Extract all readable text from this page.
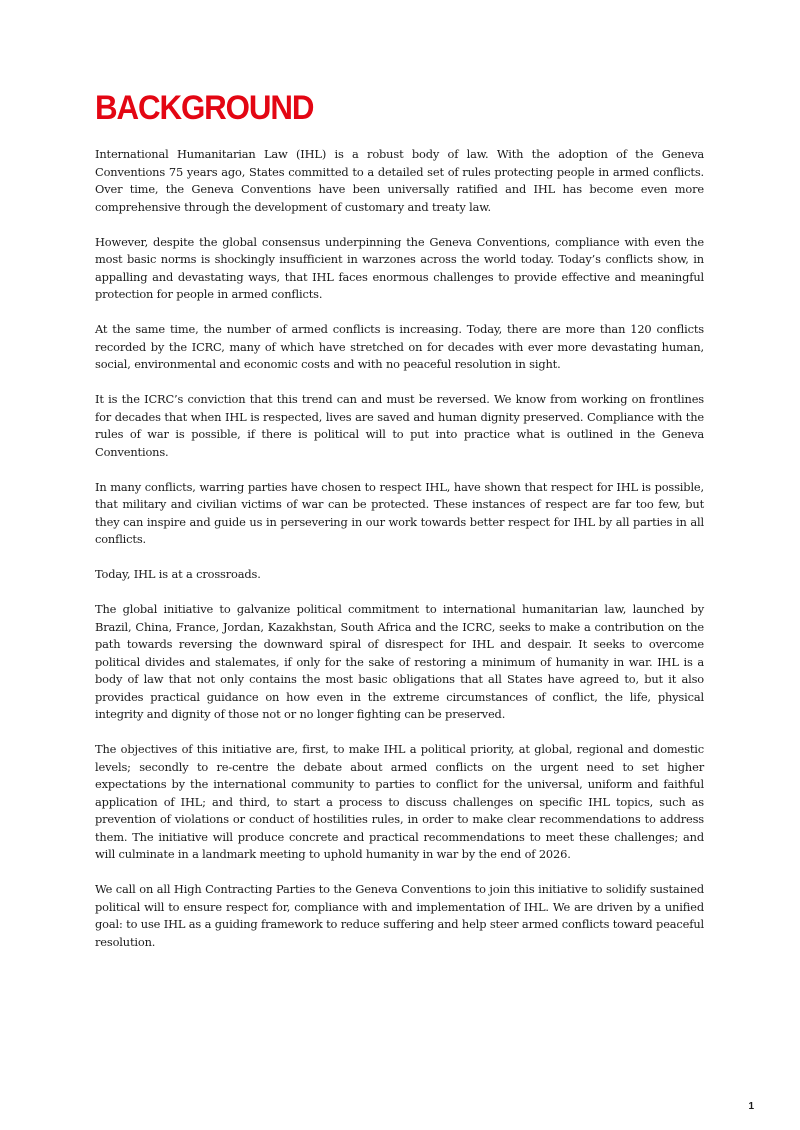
BACKGROUND

International Humanitarian Law (IHL) is a robust body of law. With the adoption of the Geneva Conventions 75 years ago, States committed to a detailed set of rules protecting people in armed conflicts. Over time, the Geneva Conventions have been universally ratified and IHL has become even more comprehensive through the development of customary and treaty law.

However, despite the global consensus underpinning the Geneva Conventions, compliance with even the most basic norms is shockingly insufficient in warzones across the world today. Today’s conflicts show, in appalling and devastating ways, that IHL faces enormous challenges to provide effective and meaningful protection for people in armed conflicts.

At the same time, the number of armed conflicts is increasing. Today, there are more than 120 conflicts recorded by the ICRC, many of which have stretched on for decades with ever more devastating human, social, environmental and economic costs and with no peaceful resolution in sight.

It is the ICRC’s conviction that this trend can and must be reversed. We know from working on frontlines for decades that when IHL is respected, lives are saved and human dignity preserved. Compliance with the rules of war is possible, if there is political will to put into practice what is outlined in the Geneva Conventions.

In many conflicts, warring parties have chosen to respect IHL, have shown that respect for IHL is possible, that military and civilian victims of war can be protected. These instances of respect are far too few, but they can inspire and guide us in persevering in our work towards better respect for IHL by all parties in all conflicts.

Today, IHL is at a crossroads.

The global initiative to galvanize political commitment to international humanitarian law, launched by Brazil, China, France, Jordan, Kazakhstan, South Africa and the ICRC, seeks to make a contribution on the path towards reversing the downward spiral of disrespect for IHL and despair. It seeks to overcome political divides and stalemates, if only for the sake of restoring a minimum of humanity in war. IHL is a body of law that not only contains the most basic obligations that all States have agreed to, but it also provides practical guidance on how even in the extreme circumstances of conflict, the life, physical integrity and dignity of those not or no longer fighting can be preserved.

The objectives of this initiative are, first, to make IHL a political priority, at global, regional and domestic levels; secondly to re-centre the debate about armed conflicts on the urgent need to set higher expectations by the international community to parties to conflict for the universal, uniform and faithful application of IHL; and third, to start a process to discuss challenges on specific IHL topics, such as prevention of violations or conduct of hostilities rules, in order to make clear recommendations to address them. The initiative will produce concrete and practical recommendations to meet these challenges; and will culminate in a landmark meeting to uphold humanity in war by the end of 2026.

We call on all High Contracting Parties to the Geneva Conventions to join this initiative to solidify sustained political will to ensure respect for, compliance with and implementation of IHL. We are driven by a unified goal: to use IHL as a guiding framework to reduce suffering and help steer armed conflicts toward peaceful resolution.

1
